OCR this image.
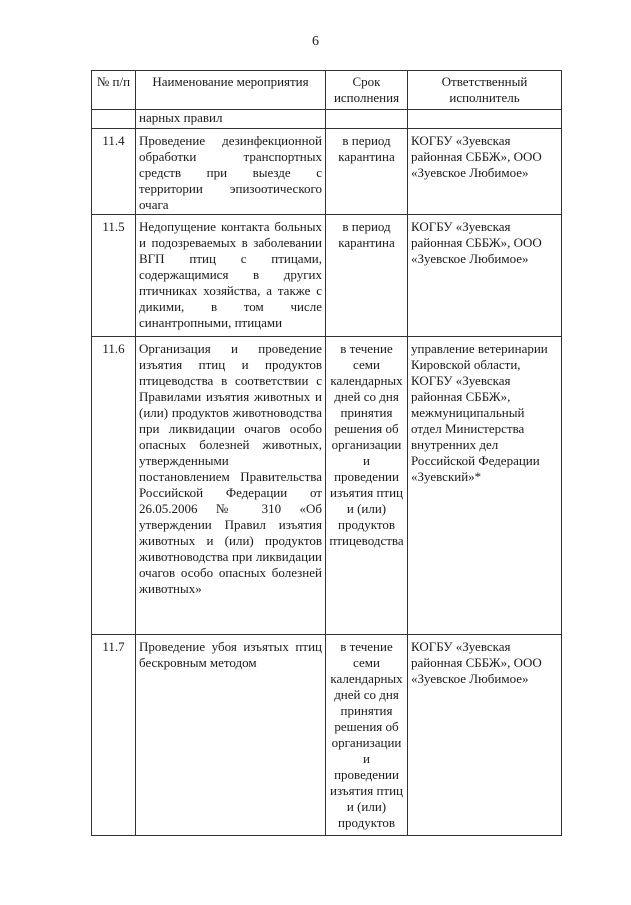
6
№ п/п	Наименование мероприятия	Срок исполнения	Ответственный исполнитель
	нарных правил		
11.4	Проведение дезинфекционной обработки транспортных средств при выезде с территории эпизоотического очага	в период карантина	КОГБУ «Зуевская районная СББЖ», ООО «Зуевское Любимое»
11.5	Недопущение контакта больных и подозреваемых в заболевании ВГП птиц с птицами, содержащимися в других птичниках хозяйства, а также с дикими, в том числе синантропными, птицами	в период карантина	КОГБУ «Зуевская районная СББЖ», ООО «Зуевское Любимое»
11.6	Организация и проведение изъятия птиц и продуктов птицеводства в соответствии с Правилами изъятия животных и (или) продуктов животноводства при ликвидации очагов особо опасных болезней животных, утвержденными постановлением Правительства Российской Федерации от 26.05.2006 № 310 «Об утверждении Правил изъятия животных и (или) продуктов животноводства при ликвидации очагов особо опасных болезней животных»	в течение семи календарных дней со дня принятия решения об организации и проведении изъятия птиц и (или) продуктов птицеводства	управление ветеринарии Кировской области, КОГБУ «Зуевская районная СББЖ», межмуниципальный отдел Министерства внутренних дел Российской Федерации «Зуевский»*
11.7	Проведение убоя изъятых птиц бескровным методом	в течение семи календарных дней со дня принятия решения об организации и проведении изъятия птиц и (или) продуктов	КОГБУ «Зуевская районная СББЖ», ООО «Зуевское Любимое»
